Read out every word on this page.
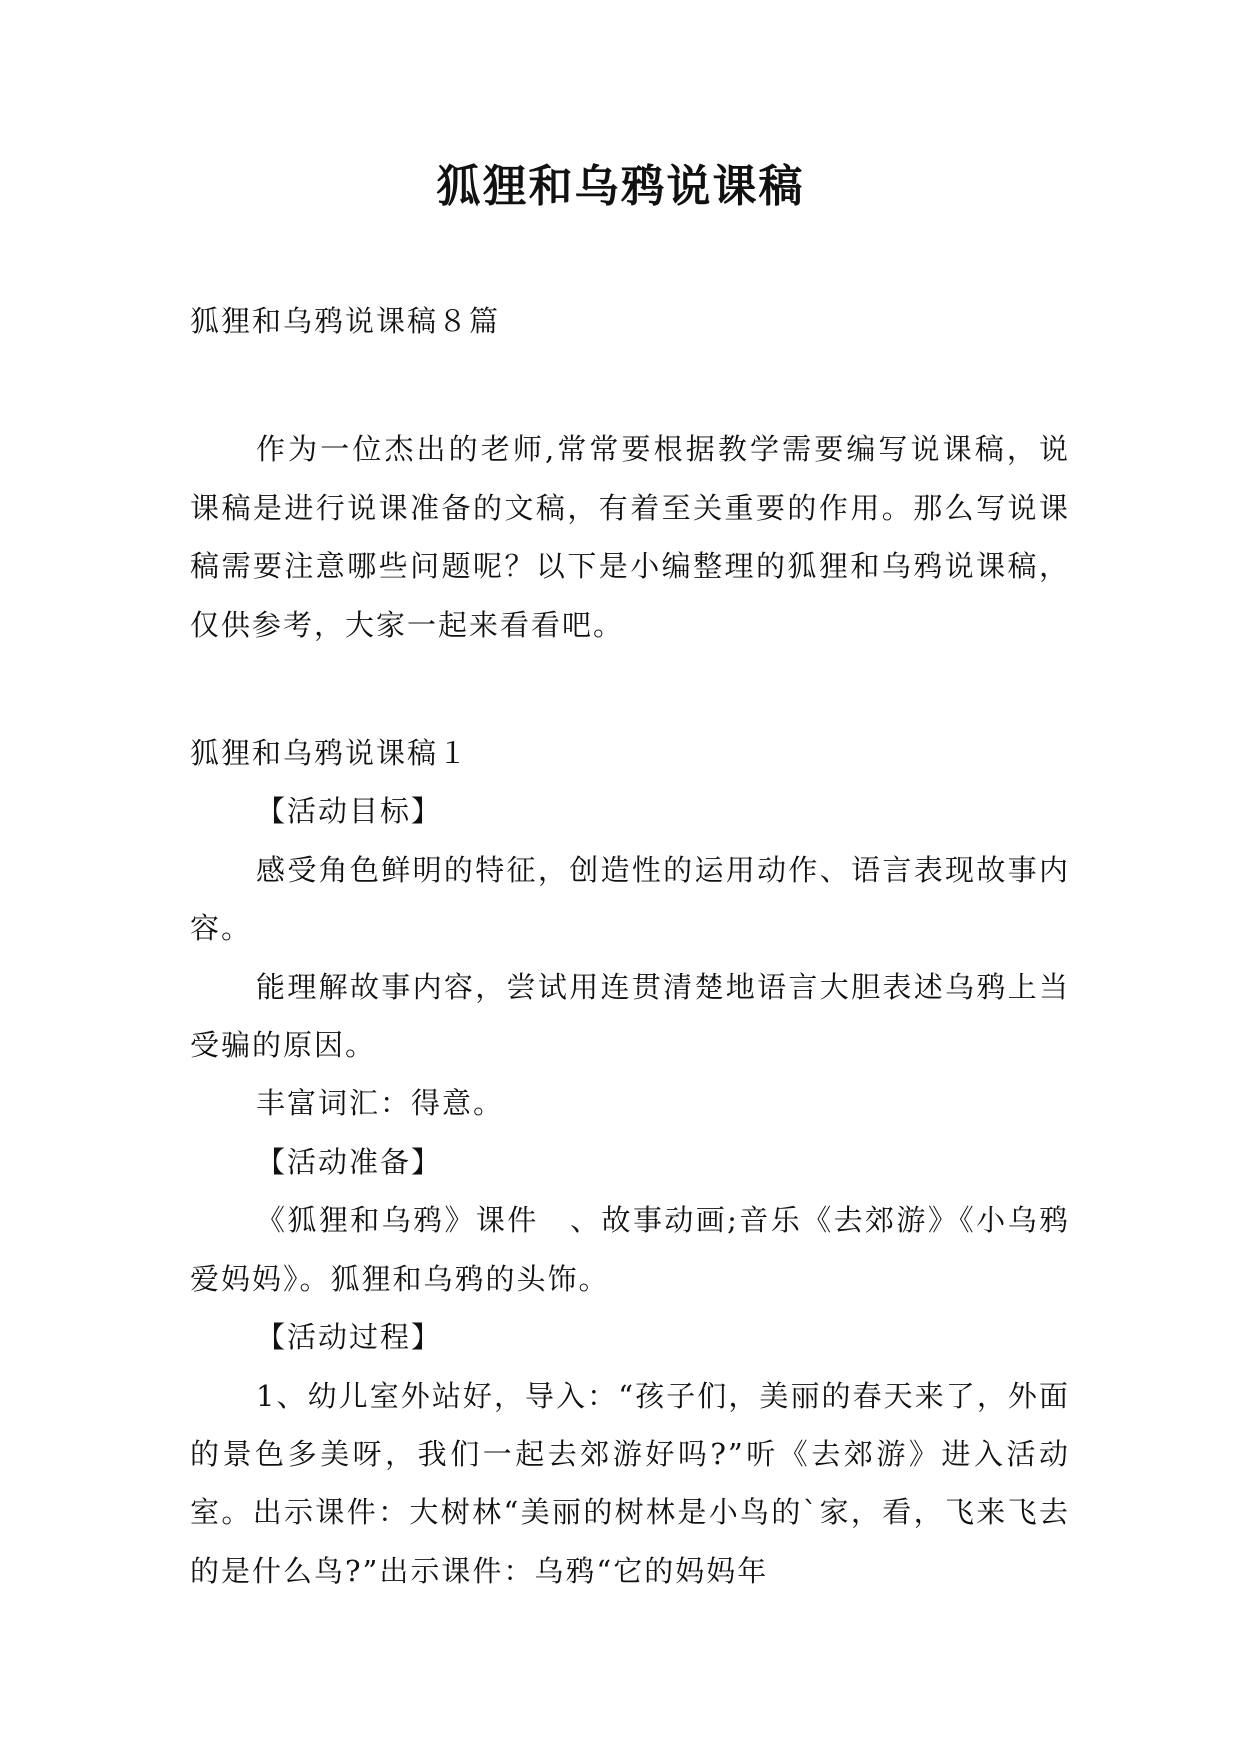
狐狸和乌鸦说课稿

狐狸和乌鸦说课稿８篇

作为一位杰出的老师,常常要根据教学需要编写说课稿，说课稿是进行说课准备的文稿，有着至关重要的作用。那么写说课稿需要注意哪些问题呢？以下是小编整理的狐狸和乌鸦说课稿，仅供参考，大家一起来看看吧。

狐狸和乌鸦说课稿１

【活动目标】

感受角色鲜明的特征，创造性的运用动作、语言表现故事内容。

能理解故事内容，尝试用连贯清楚地语言大胆表述乌鸦上当受骗的原因。

丰富词汇：得意。

【活动准备】

《狐狸和乌鸦》课件　、故事动画;音乐《去郊游》《小乌鸦爱妈妈》。狐狸和乌鸦的头饰。

【活动过程】

1、幼儿室外站好，导入：“孩子们，美丽的春天来了，外面的景色多美呀，我们一起去郊游好吗?”听《去郊游》进入活动室。出示课件：大树林“美丽的树林是小鸟的`家，看，飞来飞去的是什么鸟?”出示课件：乌鸦“它的妈妈年
